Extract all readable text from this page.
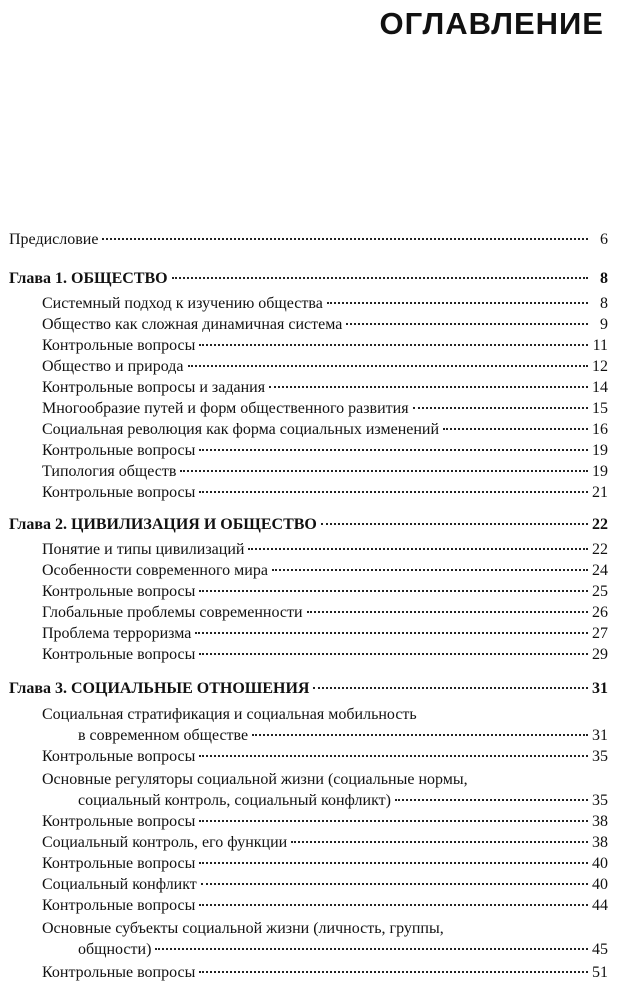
ОГЛАВЛЕНИЕ
Предисловие	6
Глава 1. ОБЩЕСТВО	8
Системный подход к изучению общества	8
Общество как сложная динамичная система	9
Контрольные вопросы	11
Общество и природа	12
Контрольные вопросы и задания	14
Многообразие путей и форм общественного развития	15
Социальная революция как форма социальных изменений	16
Контрольные вопросы	19
Типология обществ	19
Контрольные вопросы	21
Глава 2. ЦИВИЛИЗАЦИЯ И ОБЩЕСТВО	22
Понятие и типы цивилизаций	22
Особенности современного мира	24
Контрольные вопросы	25
Глобальные проблемы современности	26
Проблема терроризма	27
Контрольные вопросы	29
Глава 3. СОЦИАЛЬНЫЕ ОТНОШЕНИЯ	31
Социальная стратификация и социальная мобильность
в современном обществе	31
Контрольные вопросы	35
Основные регуляторы социальной жизни (социальные нормы,
социальный контроль, социальный конфликт)	35
Контрольные вопросы	38
Социальный контроль, его функции	38
Контрольные вопросы	40
Социальный конфликт	40
Контрольные вопросы	44
Основные субъекты социальной жизни (личность, группы,
общности)	45
Контрольные вопросы	51
